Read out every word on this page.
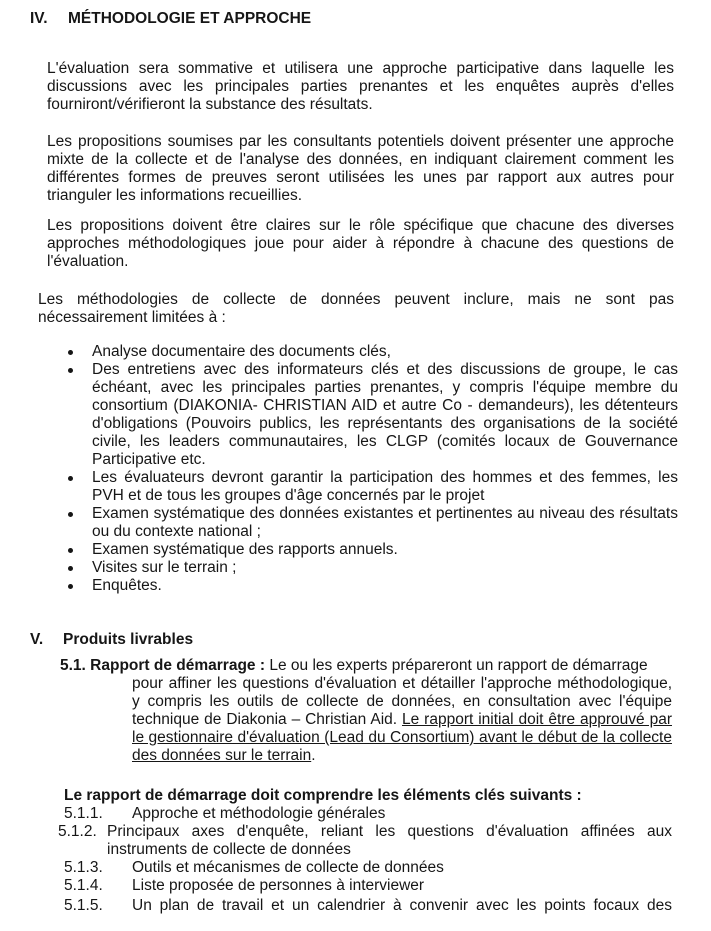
IV. MÉTHODOLOGIE ET APPROCHE
L'évaluation sera sommative et utilisera une approche participative dans laquelle les discussions avec les principales parties prenantes et les enquêtes auprès d'elles fourniront/vérifieront la substance des résultats.
Les propositions soumises par les consultants potentiels doivent présenter une approche mixte de la collecte et de l'analyse des données, en indiquant clairement comment les différentes formes de preuves seront utilisées les unes par rapport aux autres pour trianguler les informations recueillies.
Les propositions doivent être claires sur le rôle spécifique que chacune des diverses approches méthodologiques joue pour aider à répondre à chacune des questions de l'évaluation.
Les méthodologies de collecte de données peuvent inclure, mais ne sont pas nécessairement limitées à :
Analyse documentaire des documents clés,
Des entretiens avec des informateurs clés et des discussions de groupe, le cas échéant, avec les principales parties prenantes, y compris l'équipe membre du consortium (DIAKONIA- CHRISTIAN AID et autre Co - demandeurs), les détenteurs d'obligations (Pouvoirs publics, les représentants des organisations de la société civile, les leaders communautaires, les CLGP (comités locaux de Gouvernance Participative etc.
Les évaluateurs devront garantir la participation des hommes et des femmes, les PVH et de tous les groupes d'âge concernés par le projet
Examen systématique des données existantes et pertinentes au niveau des résultats ou du contexte national ;
Examen systématique des rapports annuels.
Visites sur le terrain ;
Enquêtes.
V. Produits livrables
5.1. Rapport de démarrage : Le ou les experts prépareront un rapport de démarrage
pour affiner les questions d'évaluation et détailler l'approche méthodologique, y compris les outils de collecte de données, en consultation avec l'équipe technique de Diakonia – Christian Aid. Le rapport initial doit être approuvé par le gestionnaire d'évaluation (Lead du Consortium) avant le début de la collecte des données sur le terrain.
Le rapport de démarrage doit comprendre les éléments clés suivants :
5.1.1. Approche et méthodologie générales
5.1.2. Principaux axes d'enquête, reliant les questions d'évaluation affinées aux instruments de collecte de données
5.1.3. Outils et mécanismes de collecte de données
5.1.4. Liste proposée de personnes à interviewer
5.1.5. Un plan de travail et un calendrier à convenir avec les points focaux des
